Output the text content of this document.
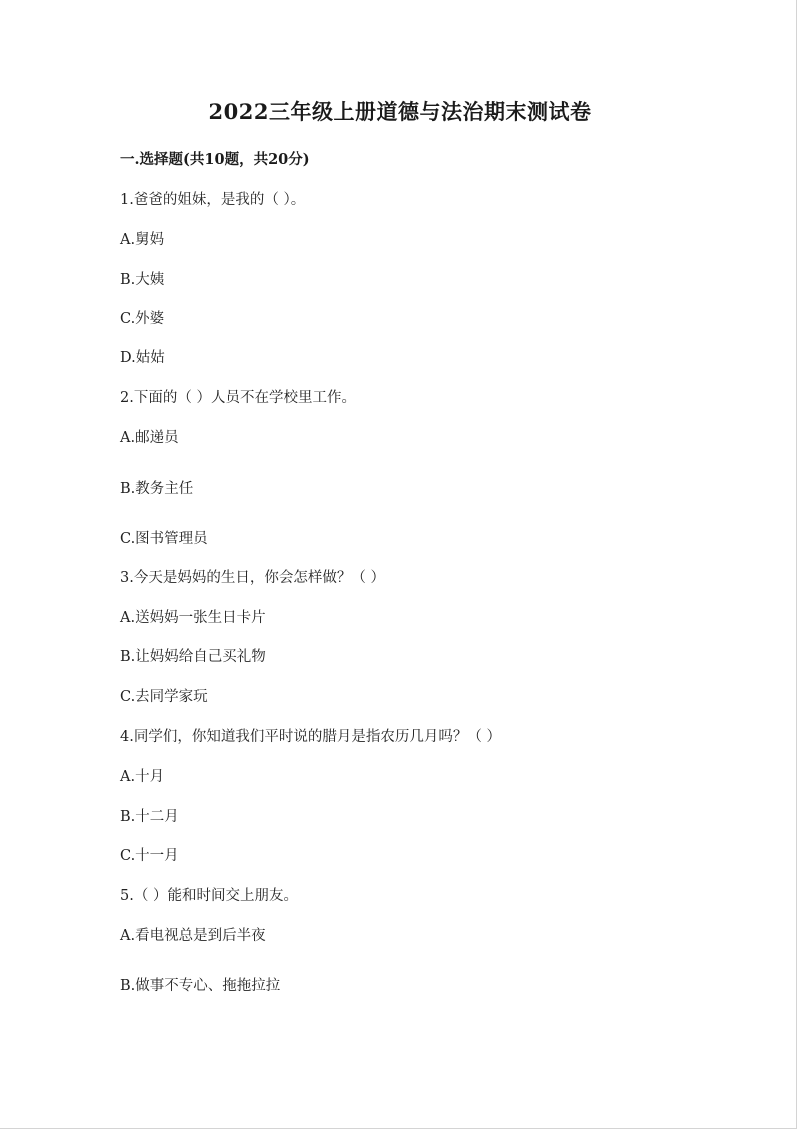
2022三年级上册道德与法治期末测试卷
一.选择题(共10题，共20分)
1.爸爸的姐妹，是我的（ ）。
A.舅妈
B.大姨
C.外婆
D.姑姑
2.下面的（ ）人员不在学校里工作。
A.邮递员
B.教务主任
C.图书管理员
3.今天是妈妈的生日，你会怎样做？（ ）
A.送妈妈一张生日卡片
B.让妈妈给自己买礼物
C.去同学家玩
4.同学们，你知道我们平时说的腊月是指农历几月吗？（ ）
A.十月
B.十二月
C.十一月
5.（ ）能和时间交上朋友。
A.看电视总是到后半夜
B.做事不专心、拖拖拉拉
